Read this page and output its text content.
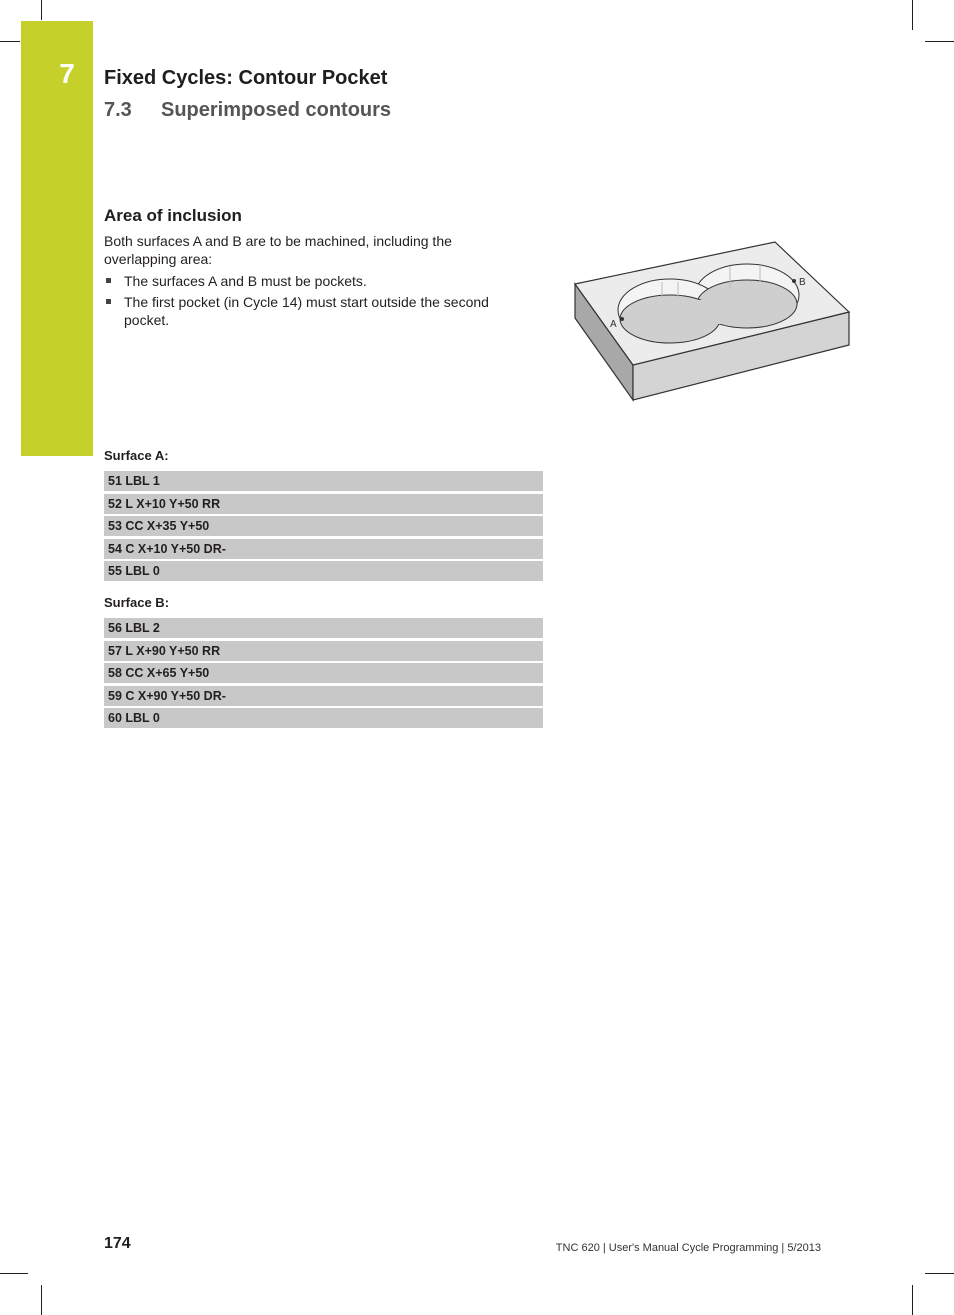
7	Fixed Cycles: Contour Pocket
7.3 Superimposed contours
Area of inclusion
Both surfaces A and B are to be machined, including the overlapping area:
The surfaces A and B must be pockets.
The first pocket (in Cycle 14) must start outside the second pocket.	A
B
Surface A:
51 LBL 1
52 L X+10 Y+50 RR
53 CC X+35 Y+50
54 C X+10 Y+50 DR-
55 LBL 0
Surface B:
56 LBL 2
57 L X+90 Y+50 RR
58 CC X+65 Y+50
59 C X+90 Y+50 DR-
60 LBL 0
174	TNC 620 | User's Manual Cycle Programming | 5/2013
